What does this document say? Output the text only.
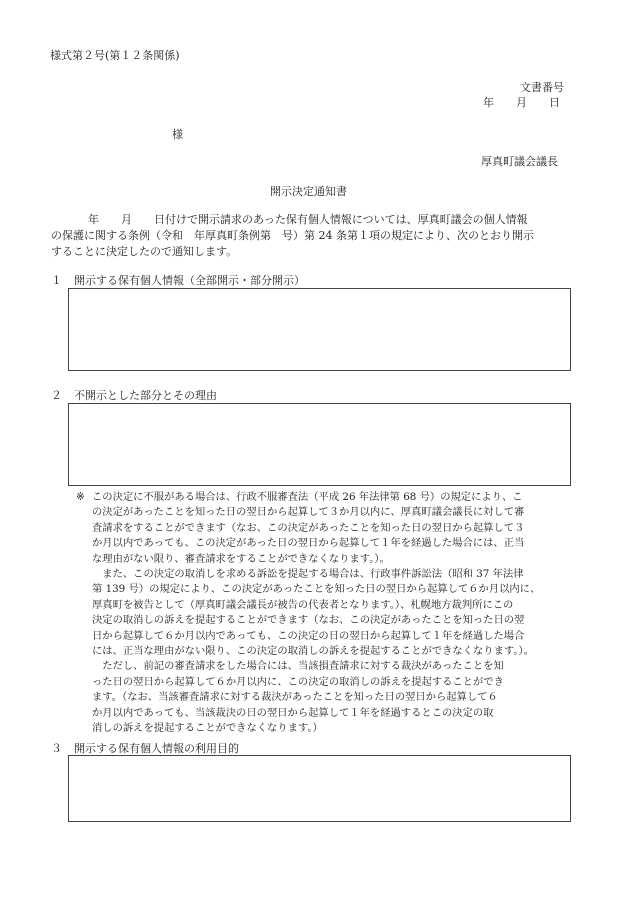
様式第２号(第１２条関係)
文書番号
年　　月　　日
様
厚真町議会議長
開示決定通知書
年　　月　　日付けで開示請求のあった保有個人情報については、厚真町議会の個人情報
の保護に関する条例（令和　年厚真町条例第　号）第 24 条第１項の規定により、次のとおり開示
することに決定したので通知します。
１ 開示する保有個人情報（全部開示・部分開示）
２ 不開示とした部分とその理由
※ この決定に不服がある場合は、行政不服審査法（平成 26 年法律第 68 号）の規定により、こ
の決定があったことを知った日の翌日から起算して３か月以内に、厚真町議会議長に対して審
査請求をすることができます（なお、この決定があったことを知った日の翌日から起算して３
か月以内であっても、この決定があった日の翌日から起算して１年を経過した場合には、正当
な理由がない限り、審査請求をすることができなくなります。）。
　また、この決定の取消しを求める訴訟を提起する場合は、行政事件訴訟法（昭和 37 年法律
第 139 号）の規定により、この決定があったことを知った日の翌日から起算して６か月以内に、
厚真町を被告として（厚真町議会議長が被告の代表者となります。）、札幌地方裁判所にこの
決定の取消しの訴えを提起することができます（なお、この決定があったことを知った日の翌
日から起算して６か月以内であっても、この決定の日の翌日から起算して１年を経過した場合
には、正当な理由がない限り、この決定の取消しの訴えを提起することができなくなります。）。
　ただし、前記の審査請求をした場合には、当該損査請求に対する裁決があったことを知
った日の翌日から起算して６か月以内に、この決定の取消しの訴えを提起することができ
ます。（なお、当該審査請求に対する裁決があったことを知った日の翌日から起算して６
か月以内であっても、当該裁決の日の翌日から起算して１年を経過するとこの決定の取
消しの訴えを提起することができなくなります。）
３ 開示する保有個人情報の利用目的
